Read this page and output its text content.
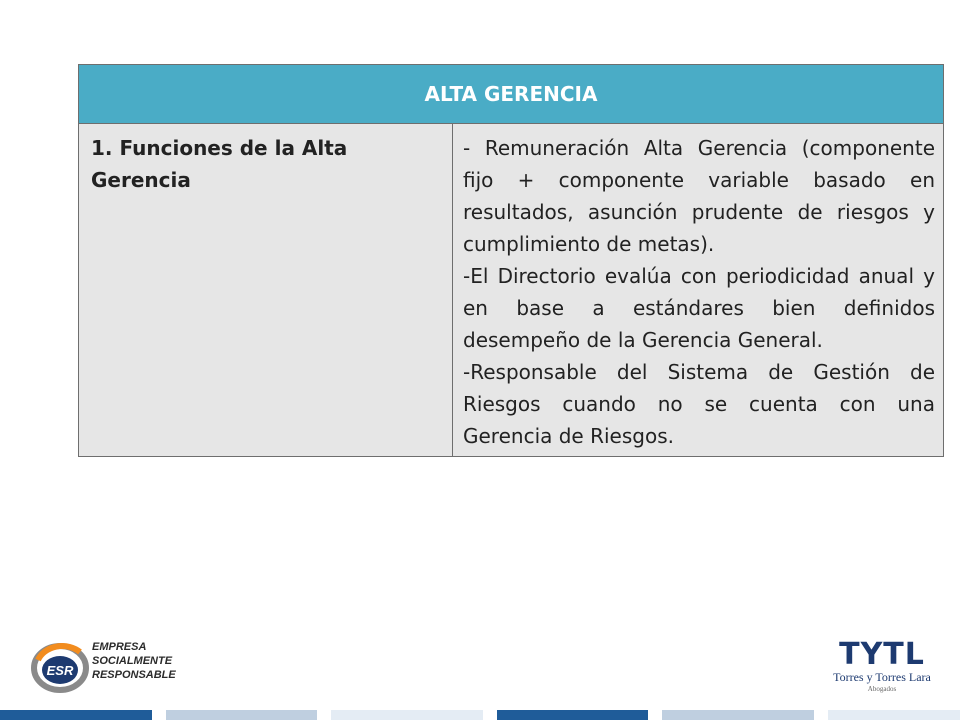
ALTA GERENCIA
1. Funciones de la Alta Gerencia

- Remuneración Alta Gerencia (componente fijo + componente variable basado en resultados, asunción prudente de riesgos y cumplimiento de metas).

-El Directorio evalúa con periodicidad anual y en base a estándares bien definidos desempeño de la Gerencia General.

-Responsable del Sistema de Gestión de Riesgos cuando no se cuenta con una Gerencia de Riesgos.

ESR
EMPRESA
SOCIALMENTE
RESPONSABLE
TYTL
Torres y Torres Lara
Abogados
